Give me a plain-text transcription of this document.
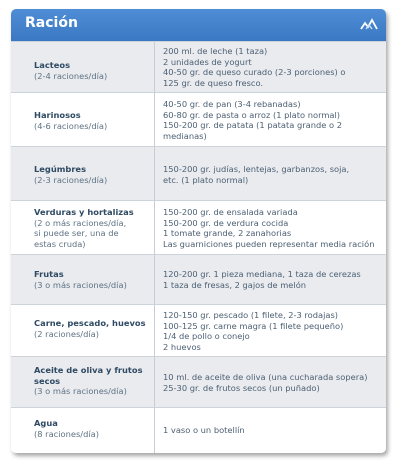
Ración
Lacteos
(2-4 raciones/día)
200 ml. de leche (1 taza)
2 unidades de yogurt
40-50 gr. de queso curado (2-3 porciones) o
125 gr. de queso fresco.
Harinosos
(4-6 raciones/día)
40-50 gr. de pan (3-4 rebanadas)
60-80 gr. de pasta o arroz (1 plato normal)
150-200 gr. de patata (1 patata grande o 2
medianas)
Legúmbres
(2-3 raciones/día)
150-200 gr. judías, lentejas, garbanzos, soja,
etc. (1 plato normal)
Verduras y hortalizas
(2 o más raciones/día,
si puede ser, una de
estas cruda)
150-200 gr. de ensalada variada
150-200 gr. de verdura cocida
1 tomate grande, 2 zanahorias
Las guarniciones pueden representar media ración
Frutas
(3 o más raciones/día)
120-200 gr. 1 pieza mediana, 1 taza de cerezas
1 taza de fresas, 2 gajos de melón
Carne, pescado, huevos
(2 raciones/día)
120-150 gr. pescado (1 filete, 2-3 rodajas)
100-125 gr. carne magra (1 filete pequeño)
1/4 de pollo o conejo
2 huevos
Aceite de oliva y frutos
secos
(3 o más raciones/día)
10 ml. de aceite de oliva (una cucharada sopera)
25-30 gr. de frutos secos (un puñado)
Agua
(8 raciones/día)	1 vaso o un botellín
